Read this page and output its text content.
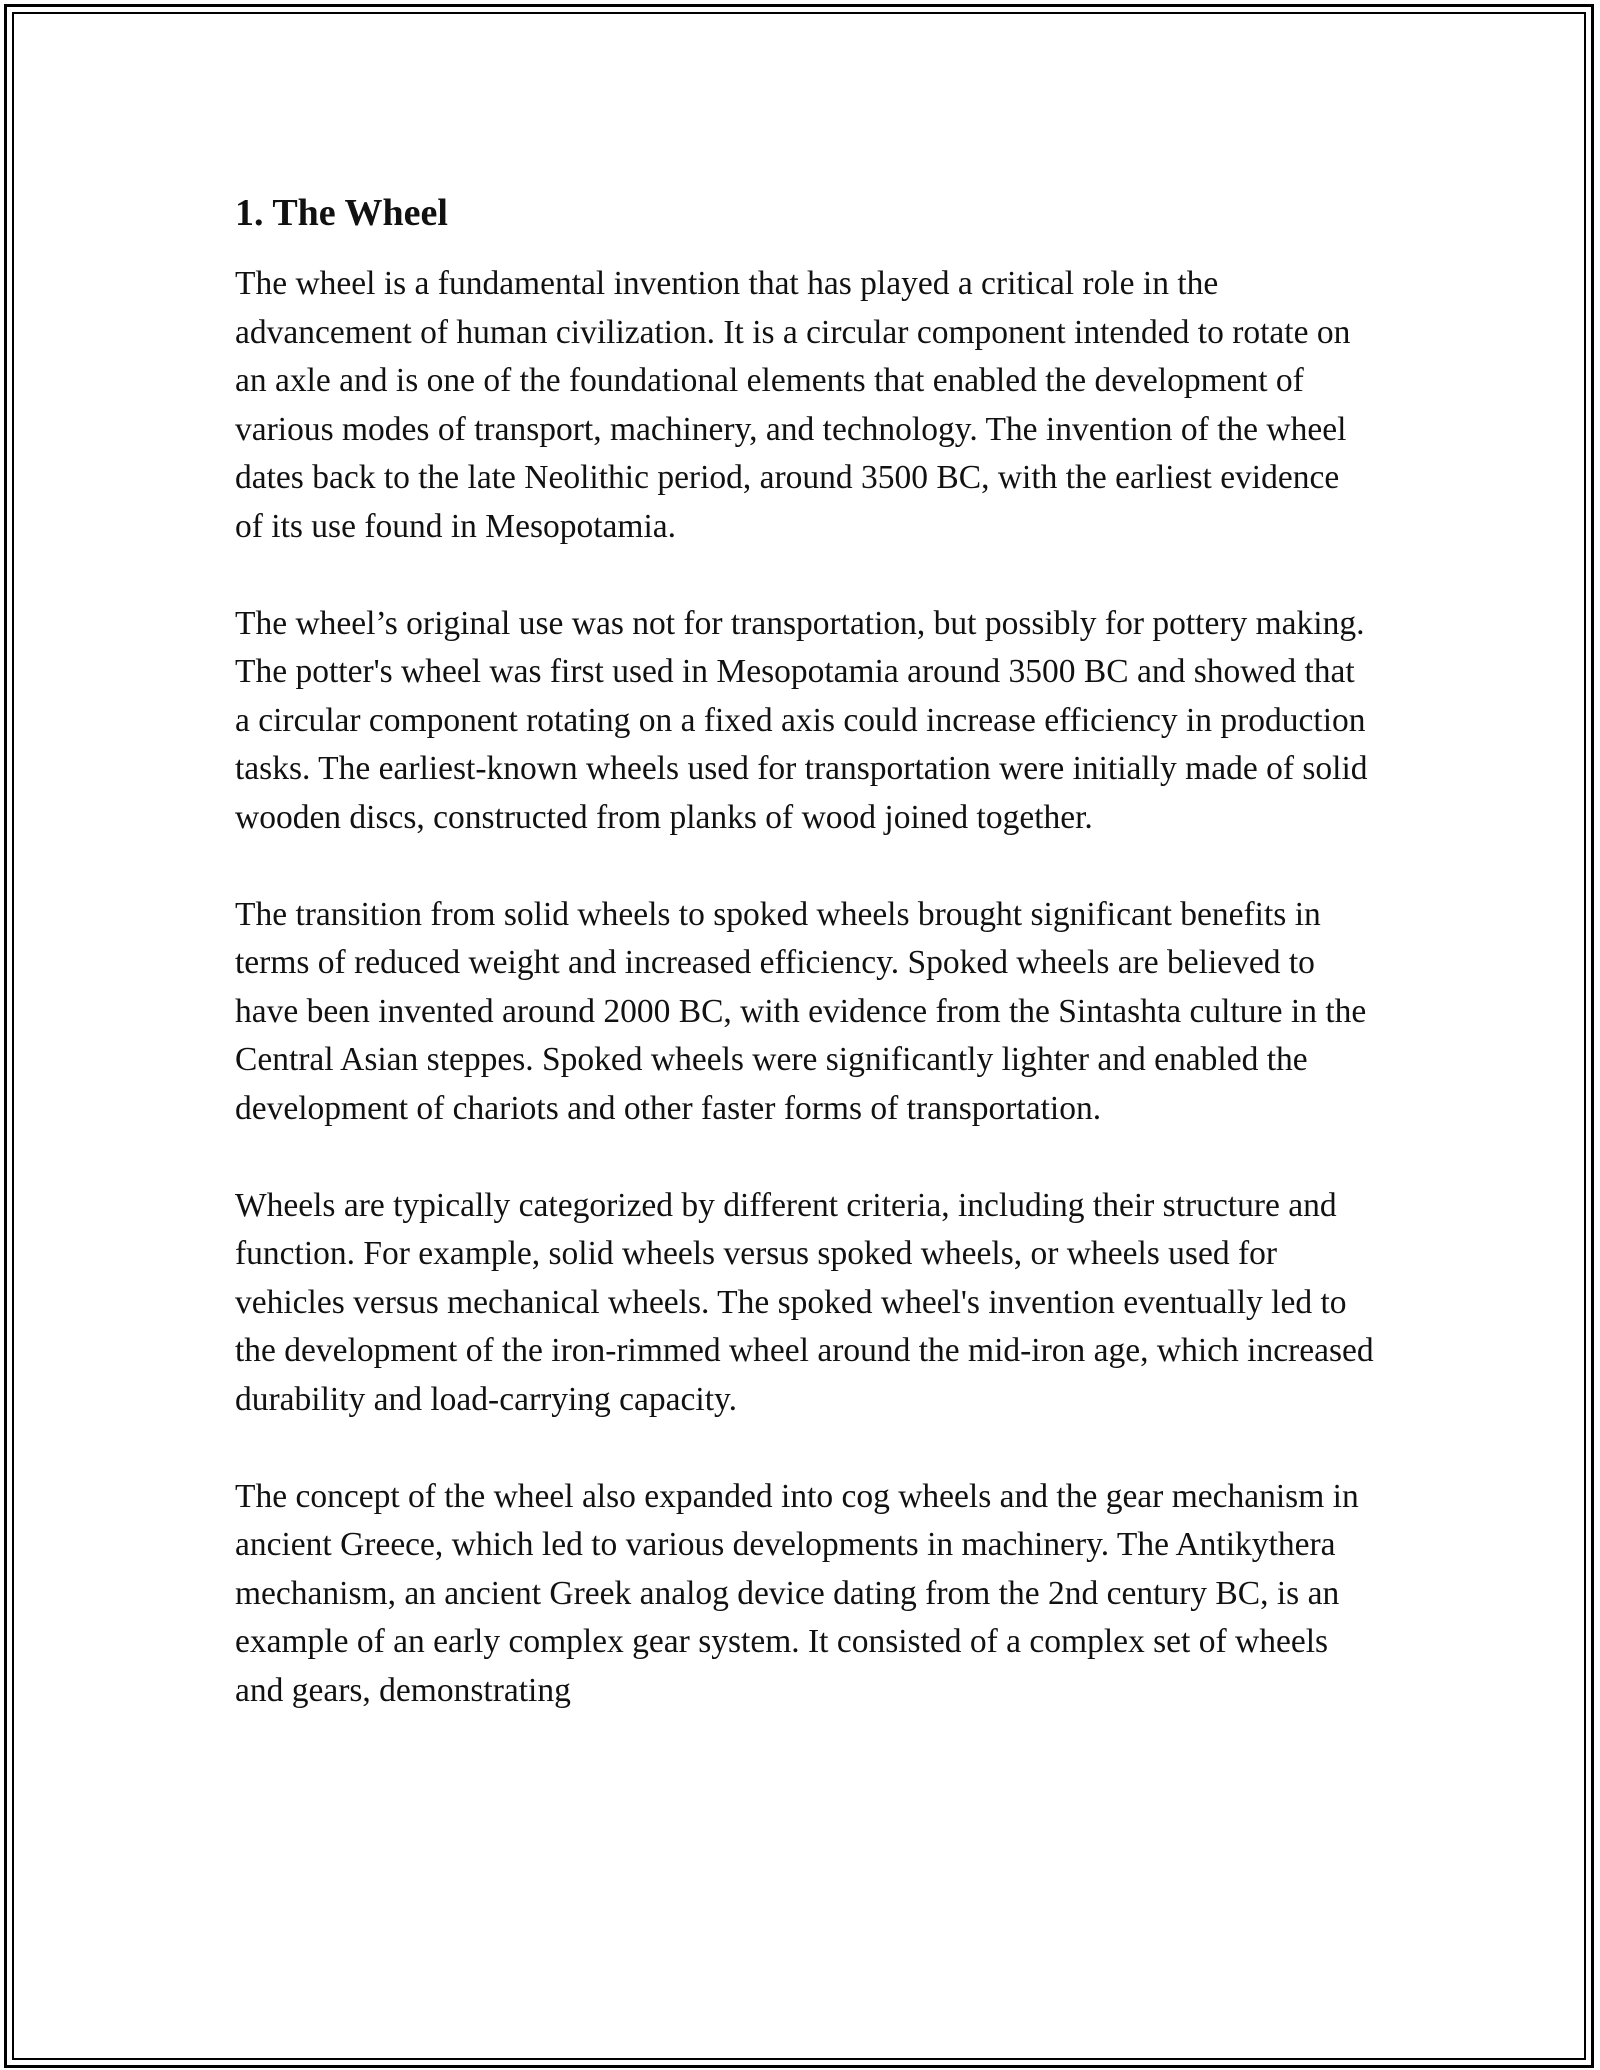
1. The Wheel

The wheel is a fundamental invention that has played a critical role in the advancement of human civilization. It is a circular component intended to rotate on an axle and is one of the foundational elements that enabled the development of various modes of transport, machinery, and technology. The invention of the wheel dates back to the late Neolithic period, around 3500 BC, with the earliest evidence of its use found in Mesopotamia.

The wheel’s original use was not for transportation, but possibly for pottery making. The potter's wheel was first used in Mesopotamia around 3500 BC and showed that a circular component rotating on a fixed axis could increase efficiency in production tasks. The earliest-known wheels used for transportation were initially made of solid wooden discs, constructed from planks of wood joined together.

The transition from solid wheels to spoked wheels brought significant benefits in terms of reduced weight and increased efficiency. Spoked wheels are believed to have been invented around 2000 BC, with evidence from the Sintashta culture in the Central Asian steppes. Spoked wheels were significantly lighter and enabled the development of chariots and other faster forms of transportation.

Wheels are typically categorized by different criteria, including their structure and function. For example, solid wheels versus spoked wheels, or wheels used for vehicles versus mechanical wheels. The spoked wheel's invention eventually led to the development of the iron-rimmed wheel around the mid-iron age, which increased durability and load-carrying capacity.

The concept of the wheel also expanded into cog wheels and the gear mechanism in ancient Greece, which led to various developments in machinery. The Antikythera mechanism, an ancient Greek analog device dating from the 2nd century BC, is an example of an early complex gear system. It consisted of a complex set of wheels and gears, demonstrating
